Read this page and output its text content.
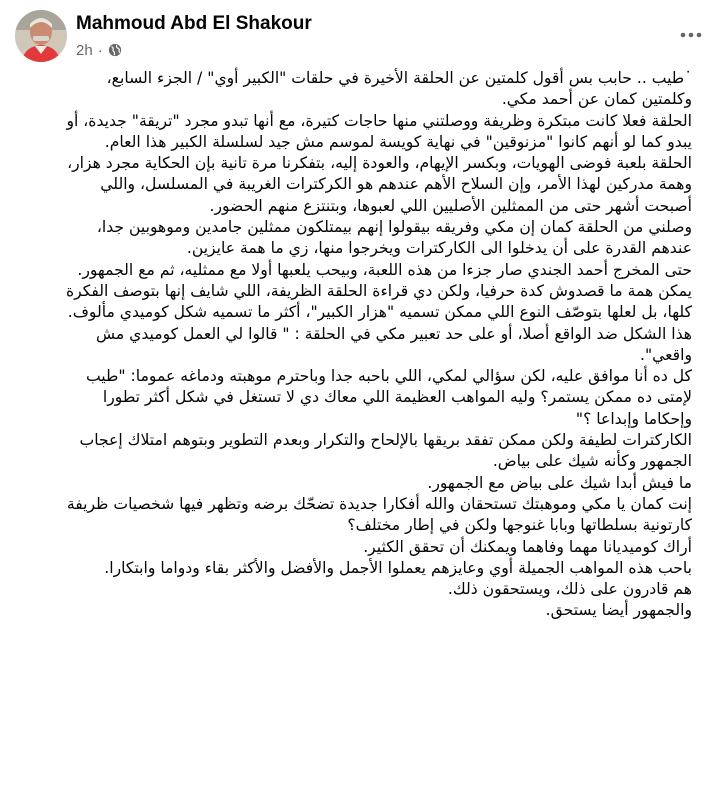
Mahmoud Abd El Shakour
2h ·

˙طيب .. حابب بس أقول كلمتين عن الحلقة الأخيرة في حلقات "الكبير أوي" / الجزء السابع، وكلمتين كمان عن أحمد مكي.

الحلقة فعلا كانت مبتكرة وظريفة ووصلتني منها حاجات كتيرة، مع أنها تبدو مجرد "تريقة" جديدة، أو يبدو كما لو أنهم كانوا "مزنوقين" في نهاية كويسة لموسم مش جيد لسلسلة الكبير هذا العام.

الحلقة بلعبة فوضى الهويات، وبكسر الإيهام، والعودة إليه، بتفكرنا مرة تانية بإن الحكاية مجرد هزار، وهمة مدركين لهذا الأمر، وإن السلاح الأهم عندهم هو الكركترات الغريبة في المسلسل، واللي أصبحت أشهر حتى من الممثلين الأصليين اللي لعبوها، وبتنتزع منهم الحضور.

وصلني من الحلقة كمان إن مكي وفريقه بيقولوا إنهم بيمتلكون ممثلين جامدين وموهوبين جدا، عندهم القدرة على أن يدخلوا الى الكاركترات ويخرجوا منها، زي ما همة عايزين.

حتى المخرج أحمد الجندي صار جزءا من هذه اللعبة، وبيحب يلعبها أولا مع ممثليه، ثم مع الجمهور.

يمكن همة ما قصدوش كدة حرفيا، ولكن دي قراءة الحلقة الظريفة، اللي شايف إنها بتوصف الفكرة كلها، بل لعلها بتوصّف النوع اللي ممكن تسميه "هزار الكبير"، أكثر ما تسميه شكل كوميدي مألوف.

هذا الشكل ضد الواقع أصلا، أو على حد تعبير مكي في الحلقة : " قالوا لي العمل كوميدي مش واقعي".

كل ده أنا موافق عليه، لكن سؤالي لمكي، اللي باحبه جدا وباحترم موهبته ودماغه عموما: "طيب لإمتى ده ممكن يستمر؟ وليه المواهب العظيمة اللي معاك دي لا تستغل في شكل أكثر تطورا وإحكاما وإبداعا ؟"

الكاركترات لطيفة ولكن ممكن تفقد بريقها بالإلحاح والتكرار وبعدم التطوير وبتوهم امتلاك إعجاب الجمهور وكأنه شيك على بياض.

ما فيش أبدا شيك على بياض مع الجمهور.

إنت كمان يا مكي وموهبتك تستحقان والله أفكارا جديدة تضحّك برضه وتظهر فيها شخصيات ظريفة كارتونية بسلطاتها وبابا غنوجها ولكن في إطار مختلف؟

أراك كوميديانا مهما وفاهما ويمكنك أن تحقق الكثير.

باحب هذه المواهب الجميلة أوي وعايزهم يعملوا الأجمل والأفضل والأكثر بقاء ودواما وابتكارا.

هم قادرون على ذلك، ويستحقون ذلك.

والجمهور أيضا يستحق.
